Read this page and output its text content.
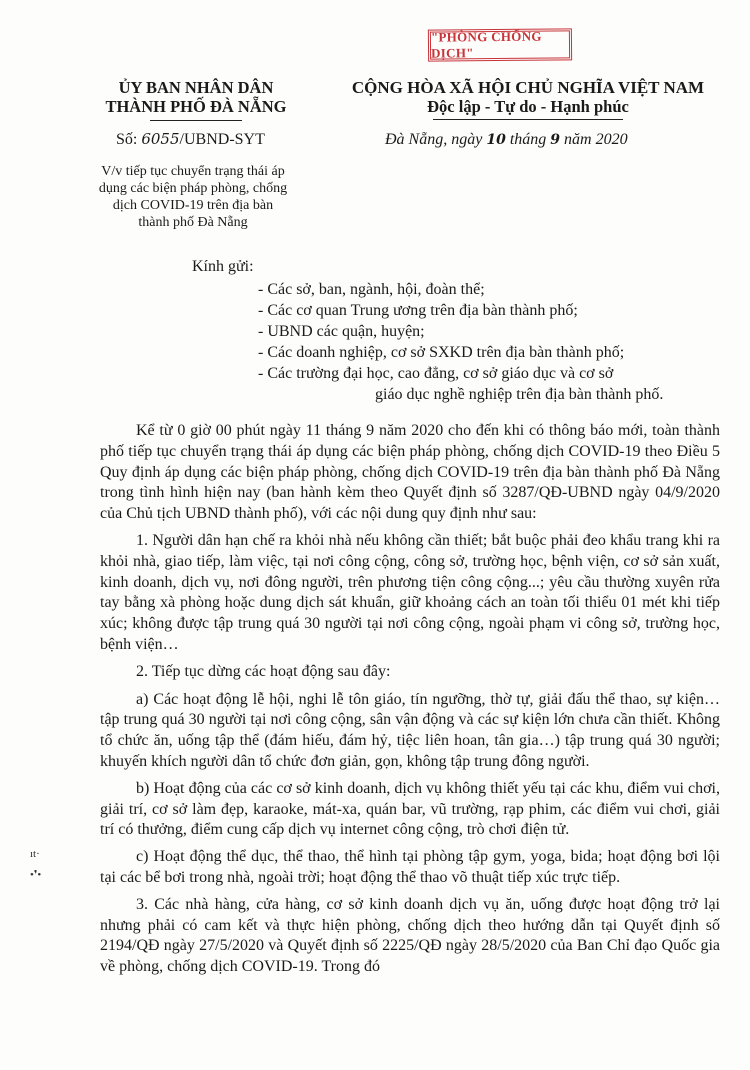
"PHÒNG CHỐNG DỊCH"
ỦY BAN NHÂN DÂN
THÀNH PHỐ ĐÀ NẴNG
CỘNG HÒA XÃ HỘI CHỦ NGHĨA VIỆT NAM
Độc lập - Tự do - Hạnh phúc
Số: 6055/UBND-SYT	Đà Nẵng, ngày 10 tháng 9 năm 2020
V/v tiếp tục chuyển trạng thái áp
dụng các biện pháp phòng, chống
dịch COVID-19 trên địa bàn
thành phố Đà Nẵng
Kính gửi:
- Các sở, ban, ngành, hội, đoàn thể;
- Các cơ quan Trung ương trên địa bàn thành phố;
- UBND các quận, huyện;
- Các doanh nghiệp, cơ sở SXKD trên địa bàn thành phố;
- Các trường đại học, cao đẳng, cơ sở giáo dục và cơ sở
giáo dục nghề nghiệp trên địa bàn thành phố.

Kể từ 0 giờ 00 phút ngày 11 tháng 9 năm 2020 cho đến khi có thông báo mới, toàn thành phố tiếp tục chuyển trạng thái áp dụng các biện pháp phòng, chống dịch COVID-19 theo Điều 5 Quy định áp dụng các biện pháp phòng, chống dịch COVID-19 trên địa bàn thành phố Đà Nẵng trong tình hình hiện nay (ban hành kèm theo Quyết định số 3287/QĐ-UBND ngày 04/9/2020 của Chủ tịch UBND thành phố), với các nội dung quy định như sau:

1. Người dân hạn chế ra khỏi nhà nếu không cần thiết; bắt buộc phải đeo khẩu trang khi ra khỏi nhà, giao tiếp, làm việc, tại nơi công cộng, công sở, trường học, bệnh viện, cơ sở sản xuất, kinh doanh, dịch vụ, nơi đông người, trên phương tiện công cộng...; yêu cầu thường xuyên rửa tay bằng xà phòng hoặc dung dịch sát khuẩn, giữ khoảng cách an toàn tối thiểu 01 mét khi tiếp xúc; không được tập trung quá 30 người tại nơi công cộng, ngoài phạm vi công sở, trường học, bệnh viện…

2. Tiếp tục dừng các hoạt động sau đây:

a) Các hoạt động lễ hội, nghi lễ tôn giáo, tín ngưỡng, thờ tự, giải đấu thể thao, sự kiện…tập trung quá 30 người tại nơi công cộng, sân vận động và các sự kiện lớn chưa cần thiết. Không tổ chức ăn, uống tập thể (đám hiếu, đám hỷ, tiệc liên hoan, tân gia…) tập trung quá 30 người; khuyến khích người dân tổ chức đơn giản, gọn, không tập trung đông người.

b) Hoạt động của các cơ sở kinh doanh, dịch vụ không thiết yếu tại các khu, điểm vui chơi, giải trí, cơ sở làm đẹp, karaoke, mát-xa, quán bar, vũ trường, rạp phim, các điểm vui chơi, giải trí có thưởng, điểm cung cấp dịch vụ internet công cộng, trò chơi điện tử.

c) Hoạt động thể dục, thể thao, thể hình tại phòng tập gym, yoga, bida; hoạt động bơi lội tại các bể bơi trong nhà, ngoài trời; hoạt động thể thao võ thuật tiếp xúc trực tiếp.

3. Các nhà hàng, cửa hàng, cơ sở kinh doanh dịch vụ ăn, uống được hoạt động trở lại nhưng phải có cam kết và thực hiện phòng, chống dịch theo hướng dẫn tại Quyết định số 2194/QĐ ngày 27/5/2020 và Quyết định số 2225/QĐ ngày 28/5/2020 của Ban Chỉ đạo Quốc gia về phòng, chống dịch COVID-19. Trong đó

ıt·
•❜•
